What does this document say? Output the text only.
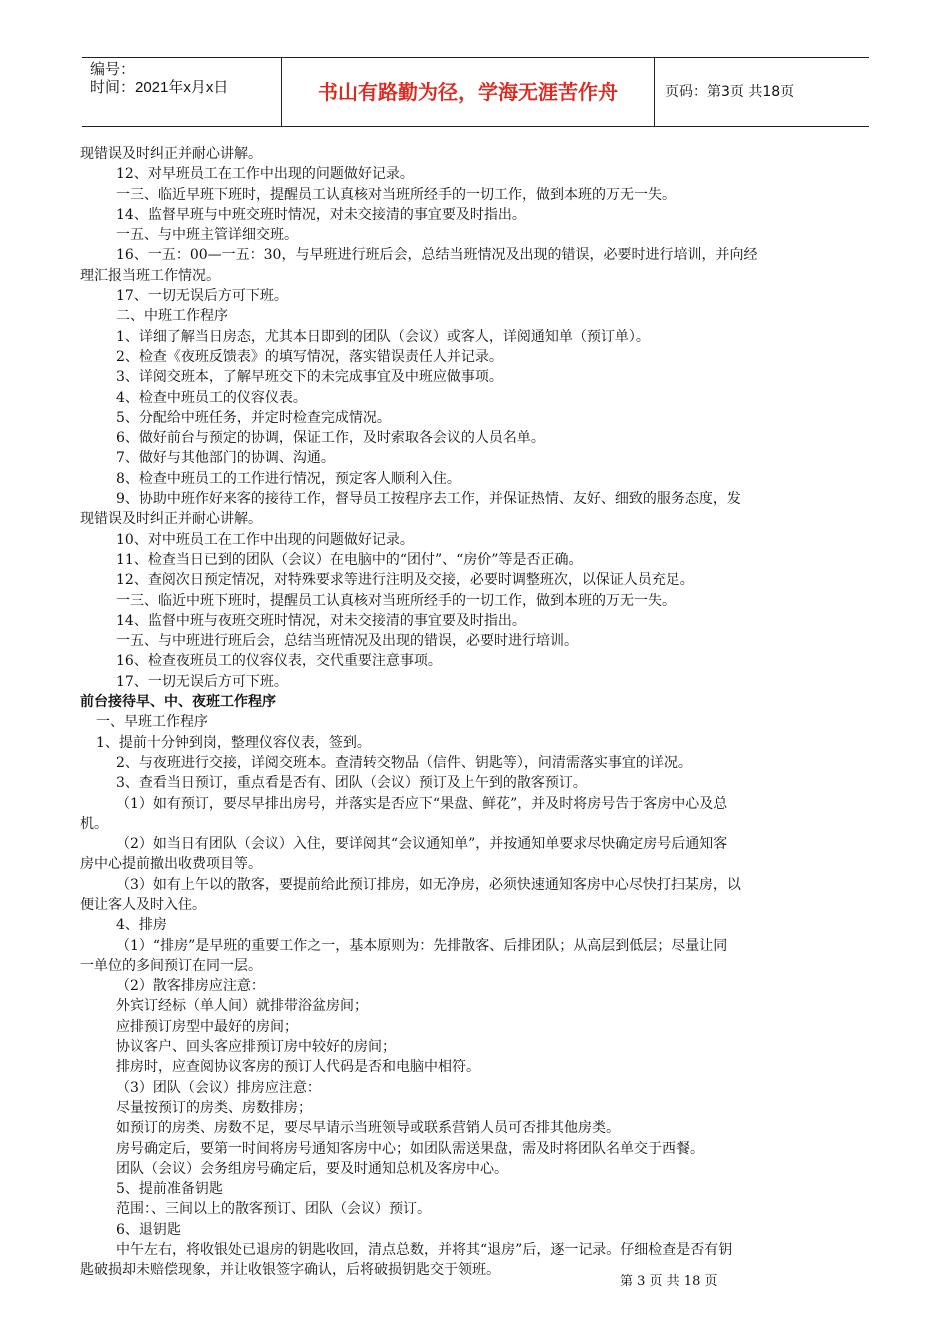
编号：
时间：2021年x月x日	书山有路勤为径，学海无涯苦作舟	页码：第3页 共18页
现错误及时纠正并耐心讲解。
12、对早班员工在工作中出现的问题做好记录。
一三、临近早班下班时，提醒员工认真核对当班所经手的一切工作，做到本班的万无一失。
14、监督早班与中班交班时情况，对未交接清的事宜要及时指出。
一五、与中班主管详细交班。
16、一五：00—一五：30，与早班进行班后会，总结当班情况及出现的错误，必要时进行培训，并向经
理汇报当班工作情况。
17、一切无误后方可下班。
二、中班工作程序
1、详细了解当日房态，尤其本日即到的团队（会议）或客人，详阅通知单（预订单）。
2、检查《夜班反馈表》的填写情况，落实错误责任人并记录。
3、详阅交班本，了解早班交下的未完成事宜及中班应做事项。
4、检查中班员工的仪容仪表。
5、分配给中班任务，并定时检查完成情况。
6、做好前台与预定的协调，保证工作，及时索取各会议的人员名单。
7、做好与其他部门的协调、沟通。
8、检查中班员工的工作进行情况，预定客人顺利入住。
9、协助中班作好来客的接待工作，督导员工按程序去工作，并保证热情、友好、细致的服务态度，发
现错误及时纠正并耐心讲解。
10、对中班员工在工作中出现的问题做好记录。
11、检查当日已到的团队（会议）在电脑中的“团付”、“房价”等是否正确。
12、查阅次日预定情况，对特殊要求等进行注明及交接，必要时调整班次，以保证人员充足。
一三、临近中班下班时，提醒员工认真核对当班所经手的一切工作，做到本班的万无一失。
14、监督中班与夜班交班时情况，对未交接清的事宜要及时指出。
一五、与中班进行班后会，总结当班情况及出现的错误，必要时进行培训。
16、检查夜班员工的仪容仪表，交代重要注意事项。
17、一切无误后方可下班。
前台接待早、中、夜班工作程序
一、早班工作程序
1、提前十分钟到岗，整理仪容仪表，签到。
2、与夜班进行交接，详阅交班本。查清转交物品（信件、钥匙等），问清需落实事宜的详况。
3、查看当日预订，重点看是否有、团队（会议）预订及上午到的散客预订。
（1）如有预订，要尽早排出房号，并落实是否应下“果盘、鲜花”，并及时将房号告于客房中心及总
机。
（2）如当日有团队（会议）入住，要详阅其“会议通知单”，并按通知单要求尽快确定房号后通知客
房中心提前撤出收费项目等。
（3）如有上午以的散客，要提前给此预订排房，如无净房，必须快速通知客房中心尽快打扫某房，以
便让客人及时入住。
4、排房
（1）“排房”是早班的重要工作之一，基本原则为：先排散客、后排团队；从高层到低层；尽量让同
一单位的多间预订在同一层。
（2）散客排房应注意：
外宾订经标（单人间）就排带浴盆房间；
应排预订房型中最好的房间；
协议客户、回头客应排预订房中较好的房间；
排房时，应查阅协议客房的预订人代码是否和电脑中相符。
（3）团队（会议）排房应注意：
尽量按预订的房类、房数排房；
如预订的房类、房数不足，要尽早请示当班领导或联系营销人员可否排其他房类。
房号确定后，要第一时间将房号通知客房中心；如团队需送果盘，需及时将团队名单交于西餐。
团队（会议）会务组房号确定后，要及时通知总机及客房中心。
5、提前准备钥匙
范围：、三间以上的散客预订、团队（会议）预订。
6、退钥匙
中午左右，将收银处已退房的钥匙收回，清点总数，并将其“退房”后，逐一记录。仔细检查是否有钥
匙破损却未赔偿现象，并让收银签字确认，后将破损钥匙交于领班。
第 3 页 共 18 页
